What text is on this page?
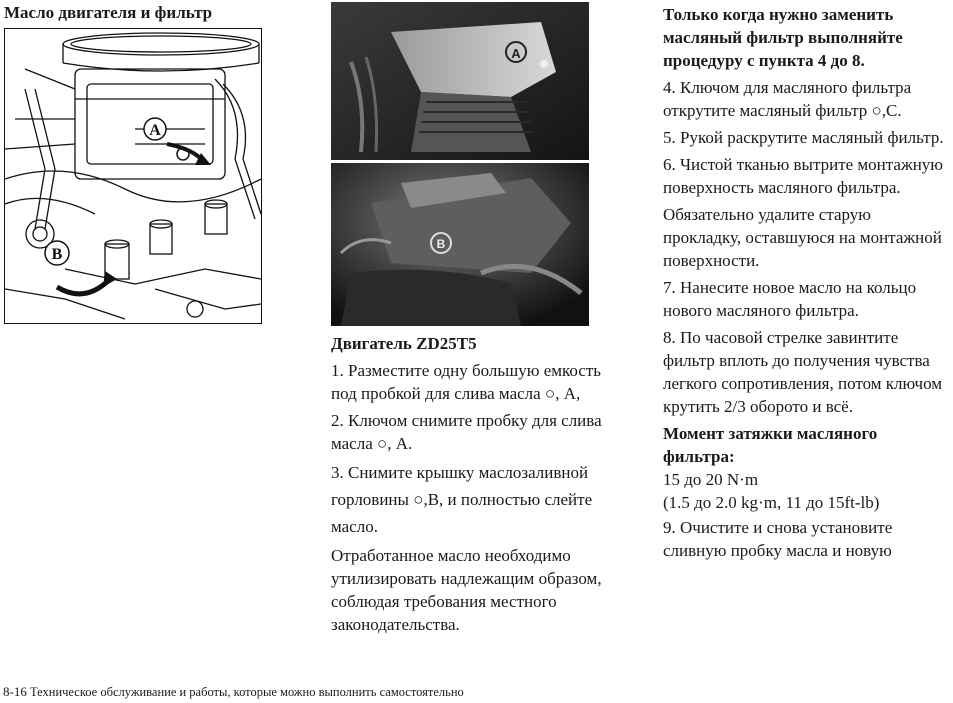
Масло двигателя и фильтр
A
B
A
B

Двигатель ZD25T5

1. Разместите одну большую емкость под пробкой для слива масла ○, A,

2. Ключом снимите пробку для слива масла ○, A.

3. Снимите крышку маслозаливной горловины ○,B, и полностью слейте масло.

Отработанное масло необходимо утилизировать надлежащим образом, соблюдая требования местного законодательства.

Только когда нужно заменить масляный фильтр выполняйте процедуру с пункта 4 до 8.

4. Ключом для масляного фильтра открутите масляный фильтр ○,C.

5. Рукой раскрутите масляный фильтр.

6. Чистой тканью вытрите монтажную поверхность масляного фильтра.

Обязательно удалите старую прокладку, оставшуюся на монтажной поверхности.

7. Нанесите новое масло на кольцо нового масляного фильтра.

8. По часовой стрелке завинтите фильтр вплоть до получения чувства легкого сопротивления, потом ключом крутить 2/3 оборото и всё.

Момент затяжки масляного фильтра:

15 до 20 N·m

(1.5 до 2.0 kg·m, 11 до 15ft-lb)

9. Очистите и снова установите сливную пробку масла и новую

8-16 Техническое обслуживание и работы, которые можно выполнить самостоятельно
